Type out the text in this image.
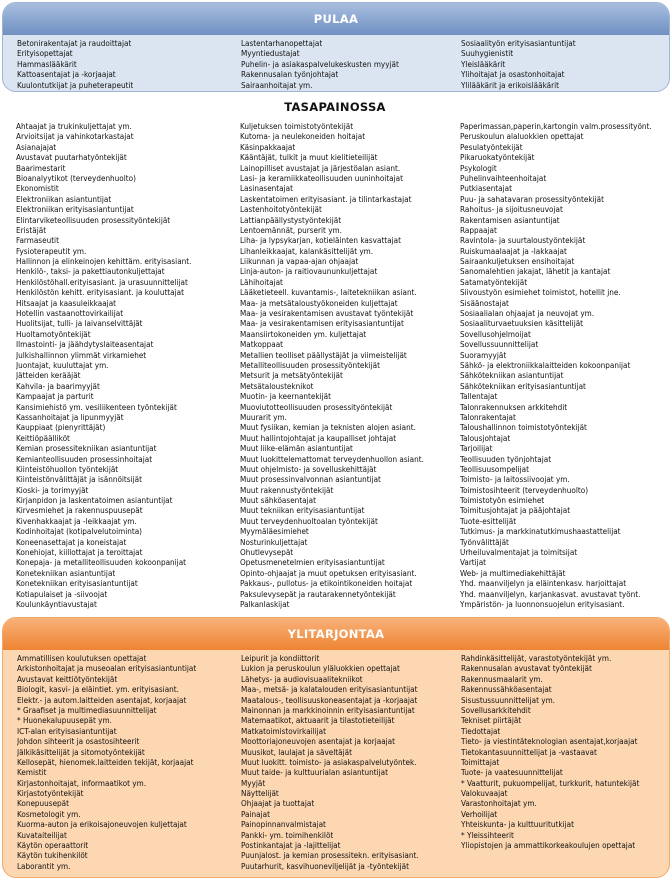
PULAA
Betonirakentajat ja raudoittajat
Erityisopettajat
Hammaslääkärit
Kattoasentajat ja -korjaajat
Kuulontutkijat ja puheterapeutit
Lastentarhanopettajat
Myyntiedustajat
Puhelin- ja asiakaspalvelukeskusten myyjät
Rakennusalan työnjohtajat
Sairaanhoitajat ym.
Sosiaalityön erityisasiantuntijat
Suuhygienistit
Yleislääkärit
Ylihoitajat ja osastonhoitajat
Ylilääkärit ja erikoislääkärit
TASAPAINOSSA
Ahtaajat ja trukinkuljettajat ym.
Arvioitsijat ja vahinkotarkastajat
Asianajajat
Avustavat puutarhatyöntekijät
Baarimestarit
Bioanalyytikot (terveydenhuolto)
Ekonomistit
Elektroniikan asiantuntijat
Elektroniikan erityisasiantuntijat
Elintarviketeollisuuden prosessityöntekijät
Eristäjät
Farmaseutit
Fysioterapeutit ym.
Hallinnon ja elinkeinojen kehittäm. erityisasiant.
Henkilö-, taksi- ja pakettiautonkuljettajat
Henkilöstöhall.erityisasiant. ja urasuunnittelijat
Henkilöstön kehitt. erityisasiant. ja kouluttajat
Hitsaajat ja kaasuleikkaajat
Hotellin vastaanottovirkailijat
Huolitsijat, tulli- ja laivanselvittäjät
Huoltamotyöntekijät
Ilmastointi- ja jäähdytyslaiteasentajat
Julkishallinnon ylimmät virkamiehet
Juontajat, kuuluttajat ym.
Jätteiden kerääjät
Kahvila- ja baarimyyjät
Kampaajat ja parturit
Kansimiehistö ym. vesiliikenteen työntekijät
Kassanhoitajat ja lipunmyyjät
Kauppiaat (pienyrittäjät)
Keittiöpäälliköt
Kemian prosessitekniikan asiantuntijat
Kemianteollisuuden prosessinhoitajat
Kiinteistöhuollon työntekijät
Kiinteistönvälittäjät ja isännöitsijät
Kioski- ja torimyyjät
Kirjanpidon ja laskentatoimen asiantuntijat
Kirvesmiehet ja rakennuspuusepät
Kivenhakkaajat ja -leikkaajat ym.
Kodinhoitajat (kotipalvelutoiminta)
Koneenasettajat ja koneistajat
Konehiojat, kiillottajat ja teroittajat
Konepaja- ja metalliteollisuuden kokoonpanijat
Konetekniikan asiantuntijat
Konetekniikan erityisasiantuntijat
Kotiapulaiset ja -siivoojat
Koulunkäyntiavustajat
Kuljetuksen toimistotyöntekijät
Kutoma- ja neulekoneiden hoitajat
Käsinpakkaajat
Kääntäjät, tulkit ja muut kielitieteilijät
Lainopilliset avustajat ja järjestöalan asiant.
Lasi- ja keramiikkateollisuuden uuninhoitajat
Lasinasentajat
Laskentatoimen erityisasiant. ja tilintarkastajat
Lastenhoitotyöntekijät
Lattianpäällystystyöntekijät
Lentoemännät, purserit ym.
Liha- ja lypsykarjan, kotieläinten kasvattajat
Lihanleikkaajat, kalankäsittelijät ym.
Liikunnan ja vapaa-ajan ohjaajat
Linja-auton- ja raitiovaununkuljettajat
Lähihoitajat
Lääketieteell. kuvantamis-, laitetekniikan asiant.
Maa- ja metsätaloustyökoneiden kuljettajat
Maa- ja vesirakentamisen avustavat työntekijät
Maa- ja vesirakentamisen erityisasiantuntijat
Maansiirtokoneiden ym. kuljettajat
Matkoppaat
Metallien teolliset päällystäjät ja viimeistelijät
Metalliteollisuuden prosessityöntekijät
Metsurit ja metsätyöntekijät
Metsätalousteknikot
Muotin- ja keernantekijät
Muoviutotteollisuuden prosessityöntekijät
Muurarit ym.
Muut fysiikan, kemian ja teknisten alojen asiant.
Muut hallintojohtajat ja kaupalliset johtajat
Muut liike-elämän asiantuntijat
Muut luokittelemattomat terveydenhuollon asiant.
Muut ohjelmisto- ja sovelluskehittäjät
Muut prosessinvalvonnan asiantuntijat
Muut rakennustyöntekijät
Muut sähköasentajat
Muut tekniikan erityisasiantuntijat
Muut terveydenhuoltoalan työntekijät
Myymäläesimiehet
Nosturinkuljettajat
Ohutlevysepät
Opetusmenetelmien erityisasiantuntijat
Opinto-ohjaajat ja muut opetuksen erityisasiant.
Pakkaus-, pullotus- ja etikointikoneiden hoitajat
Paksulevysepät ja rautarakennetyöntekijät
Palkanlaskijat
Paperimassan,paperin,kartongin valm.prosessityönt.
Peruskoulun alaluokkien opettajat
Pesulatyöntekijät
Pikaruokatyöntekijät
Psykologit
Puhelinvaihteenhoitajat
Putkiasentajat
Puu- ja sahatavaran prosessityöntekijät
Rahoitus- ja sijoitusneuvojat
Rakentamisen asiantuntijat
Rappaajat
Ravintola- ja suurtaloustyöntekijät
Ruiskumaalaajat ja -lakkaajat
Sairaankuljetuksen ensihoitajat
Sanomalehtien jakajat, lähetit ja kantajat
Satamatyöntekijät
Siivoustyön esimiehet toimistot, hotellit jne.
Sisäänostajat
Sosiaalialan ohjaajat ja neuvojat ym.
Sosiaaliturvaetuuksien käsittelijät
Sovellusohjelmoijat
Sovellussuunnittelijat
Suoramyyjät
Sähkö- ja elektroniikkalaitteiden kokoonpanijat
Sähkötekniikan asiantuntijat
Sähkötekniikan erityisasiantuntijat
Tallentajat
Talonrakennuksen arkkitehdit
Talonrakentajat
Taloushallinnon toimistotyöntekijät
Talousjohtajat
Tarjoilijat
Teollisuuden työnjohtajat
Teollisuusompelijat
Toimisto- ja laitossiivoojat ym.
Toimistosihteerit (terveydenhuolto)
Toimistotyön esimiehet
Toimitusjohtajat ja pääjohtajat
Tuote-esittelijät
Tutkimus- ja markkinatutkimushaastattelijat
Työnvälittäjät
Urheiluvalmentajat ja toimitsijat
Vartijat
Web- ja multimediakehittäjät
Yhd. maanviljelyn ja eläintenkasv. harjoittajat
Yhd. maanviljelyn, karjankasvat. avustavat työnt.
Ympäristön- ja luonnonsuojelun erityisasiant.
YLITARJONTAA
Ammatillisen koulutuksen opettajat
Arkistonhoitajat ja museoalan erityisasiantuntijat
Avustavat keittiötyöntekijät
Biologit, kasvi- ja eläintiet. ym. erityisasiant.
Elektr.- ja autom.laitteiden asentajat, korjaajat
* Graafiset ja multimediasuunnittelijat
* Huonekalupuusepät ym.
ICT-alan erityisasiantuntijat
Johdon sihteerit ja osastosihteerit
Jälkikäsittelijät ja sitomotyöntekijät
Kellosepät, hienomek.laitteiden tekijät, korjaajat
Kemistit
Kirjastonhoitajat, informaatikot ym.
Kirjastotyöntekijät
Konepuusepät
Kosmetologit ym.
Kuorma-auton ja erikoisajoneuvojen kuljettajat
Kuvataiteilijat
Käytön operaattorit
Käytön tukihenkilöt
Laborantit ym.
Leipurit ja kondiittorit
Lukion ja peruskoulun yläluokkien opettajat
Lähetys- ja audiovisuaalitekniikot
Maa-, metsä- ja kalatalouden erityisasiantuntijat
Maatalous-, teollisuuskoneasentajat ja -korjaajat
Mainonnan ja markkinoinnin erityisasiantuntijat
Matemaatikot, aktuaarit ja tilastotieteilijät
Matkatoimistovirkailijat
Moottoriajoneuvojen asentajat ja korjaajat
Muusikot, laulajat ja säveltäjät
Muut luokitt. toimisto- ja asiakaspalvelutyöntek.
Muut taide- ja kulttuurialan asiantuntijat
Myyjät
Näyttelijät
Ohjaajat ja tuottajat
Painajat
Painopinnanvalmistajat
Pankki- ym. toimihenkilöt
Postinkantajat ja -lajittelijat
Puunjalost. ja kemian prosessitekn. erityisasiant.
Puutarhurit, kasvihuoneviljelijät ja -työntekijät
Rahdinkäsittelijät, varastotyöntekijät ym.
Rakennusalan avustavat työntekijät
Rakennusmaalarit ym.
Rakennussähköasentajat
Sisustussuunnittelijat ym.
Sovellusarkkitehdit
Tekniset piirtäjät
Tiedottajat
Tieto- ja viestintäteknologian asentajat,korjaajat
Tietokantasuunnittelijat ja -vastaavat
Toimittajat
Tuote- ja vaatesuunnittelijat
* Vaatturit, pukuompelijat, turkkurit, hatuntekijät
Valokuvaajat
Varastonhoitajat ym.
Verhoilijat
Yhteiskunta- ja kulttuuritutkijat
* Yleissihteerit
Yliopistojen ja ammattikorkeakoulujen opettajat
